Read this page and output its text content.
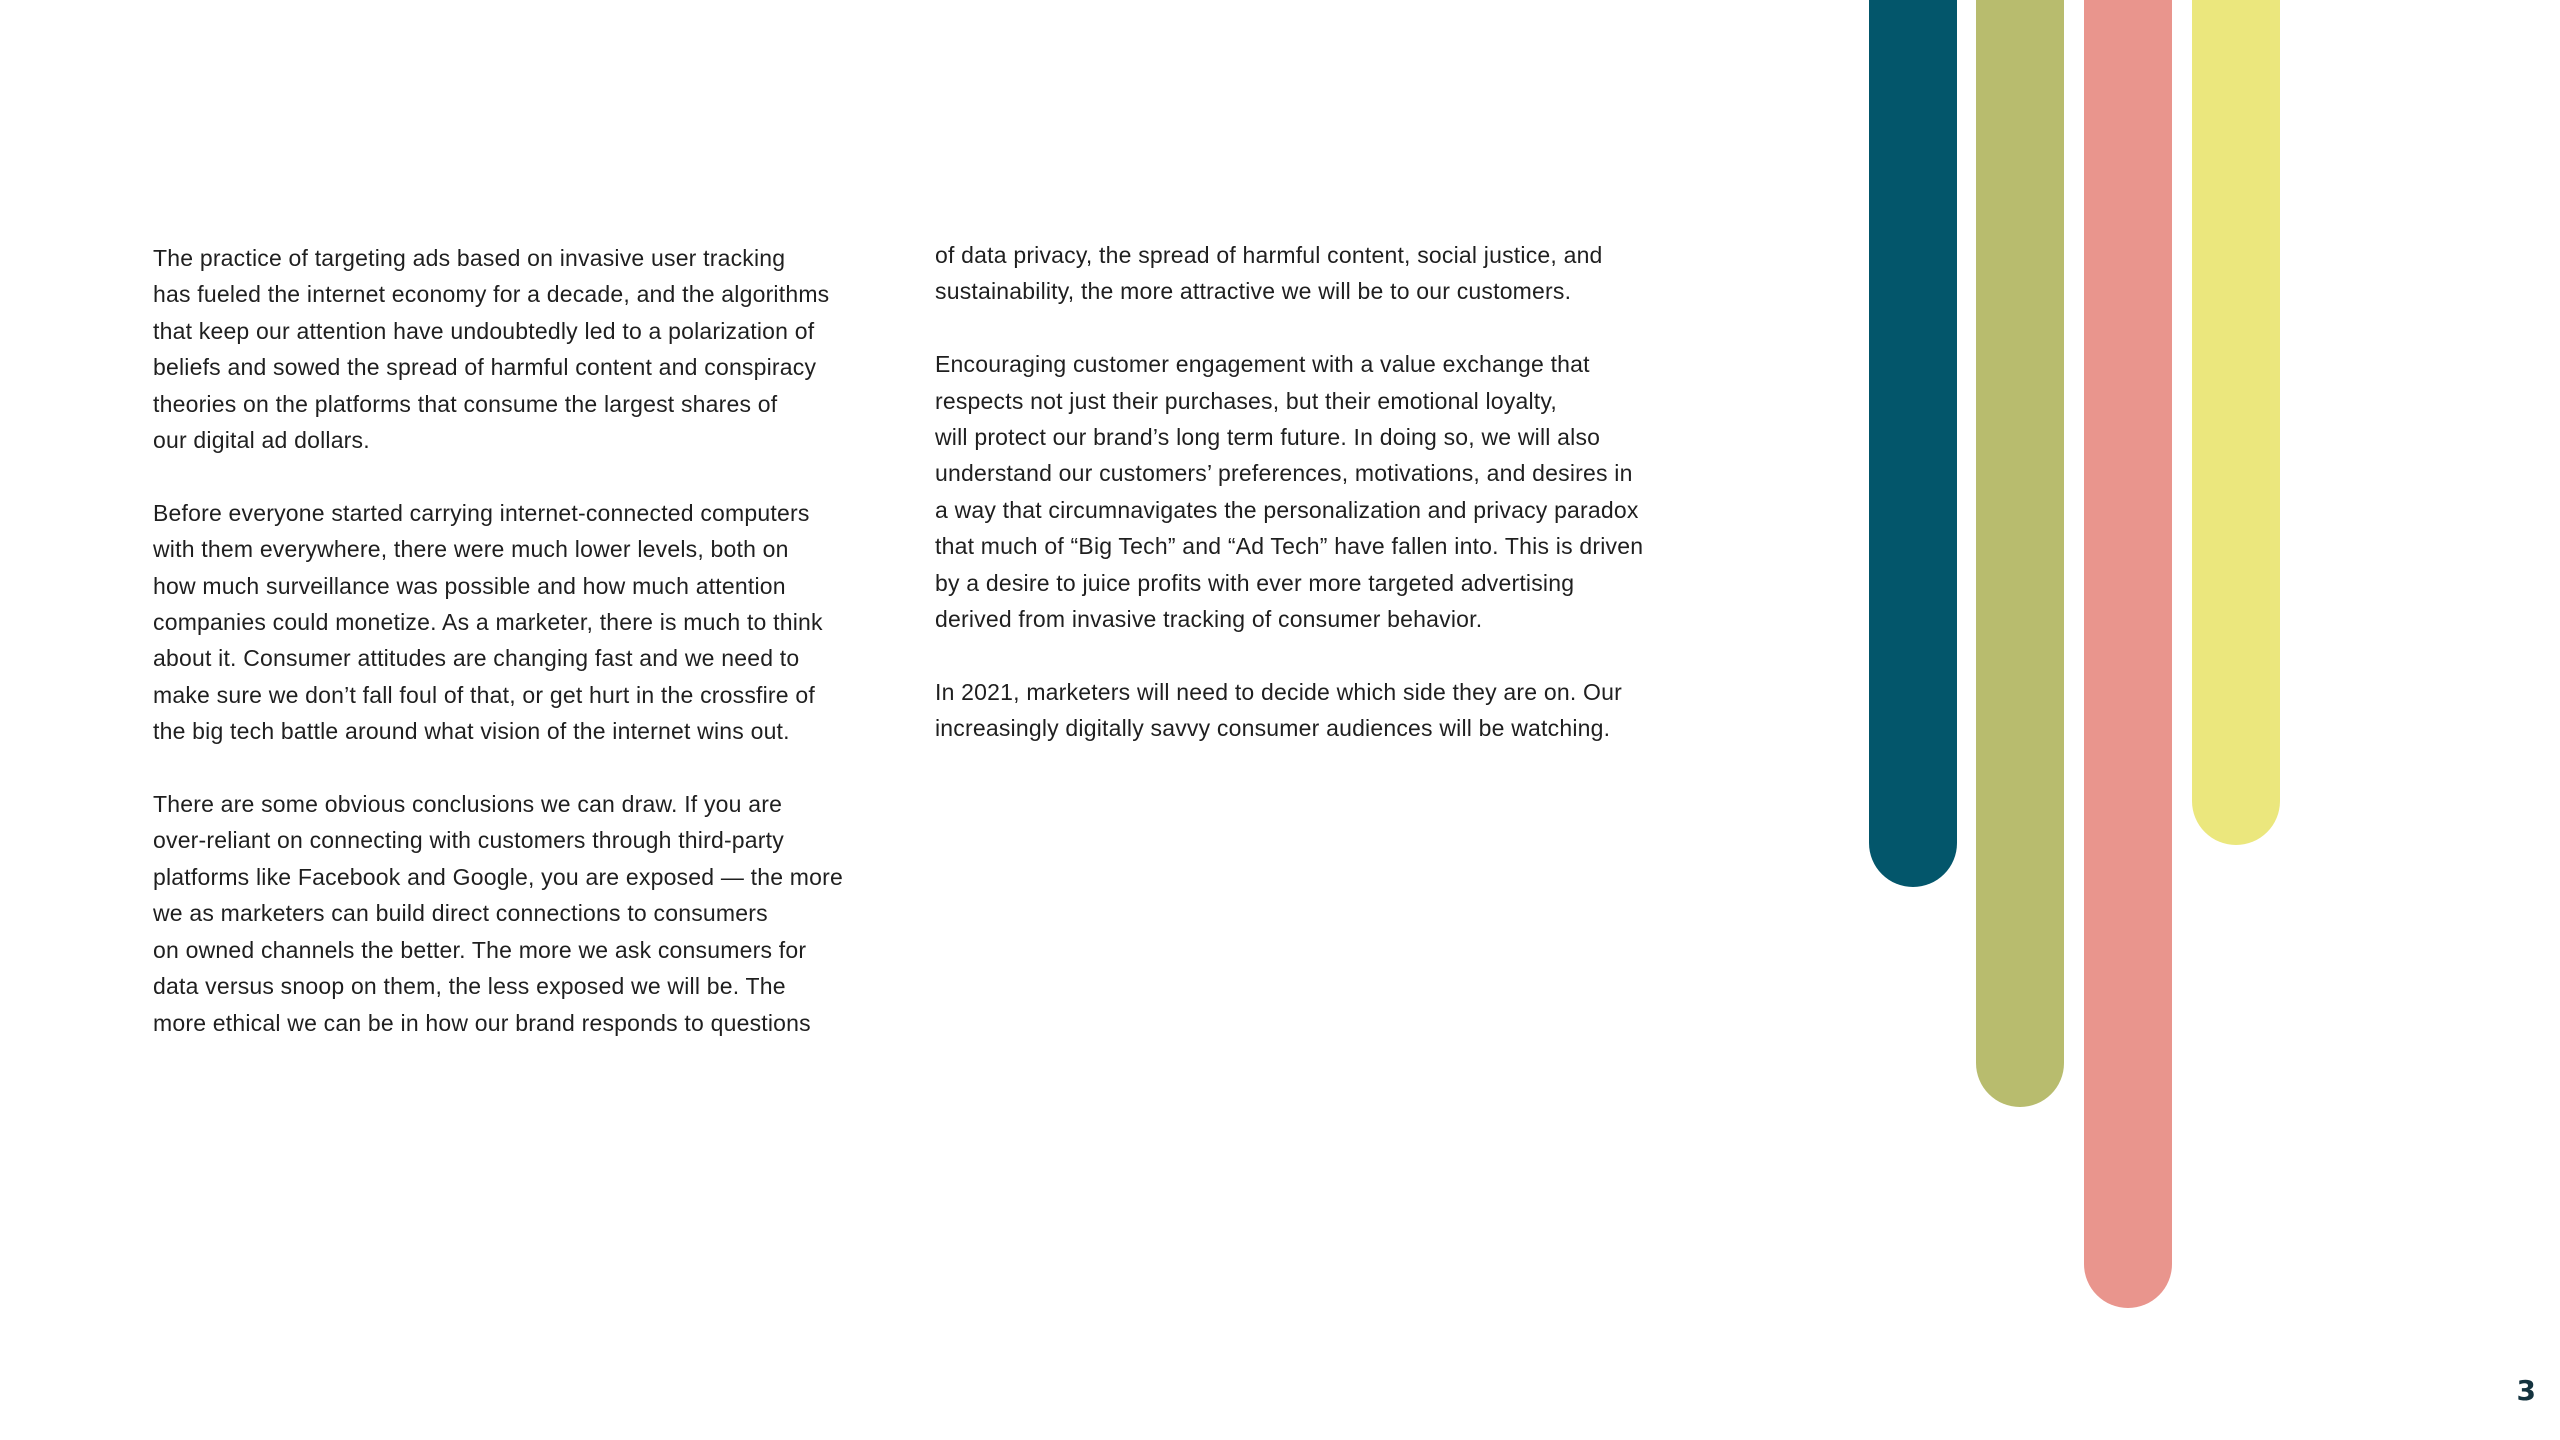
The practice of targeting ads based on invasive user tracking
has fueled the internet economy for a decade, and the algorithms
that keep our attention have undoubtedly led to a polarization of
beliefs and sowed the spread of harmful content and conspiracy
theories on the platforms that consume the largest shares of
our digital ad dollars.

Before everyone started carrying internet-connected computers
with them everywhere, there were much lower levels, both on
how much surveillance was possible and how much attention
companies could monetize. As a marketer, there is much to think
about it. Consumer attitudes are changing fast and we need to
make sure we don’t fall foul of that, or get hurt in the crossfire of
the big tech battle around what vision of the internet wins out.

There are some obvious conclusions we can draw. If you are
over-reliant on connecting with customers through third-party
platforms like Facebook and Google, you are exposed — the more
we as marketers can build direct connections to consumers
on owned channels the better. The more we ask consumers for
data versus snoop on them, the less exposed we will be. The
more ethical we can be in how our brand responds to questions

of data privacy, the spread of harmful content, social justice, and
sustainability, the more attractive we will be to our customers.

Encouraging customer engagement with a value exchange that
respects not just their purchases, but their emotional loyalty,
will protect our brand’s long term future. In doing so, we will also
understand our customers’ preferences, motivations, and desires in
a way that circumnavigates the personalization and privacy paradox
that much of “Big Tech” and “Ad Tech” have fallen into. This is driven
by a desire to juice profits with ever more targeted advertising
derived from invasive tracking of consumer behavior.

In 2021, marketers will need to decide which side they are on. Our
increasingly digitally savvy consumer audiences will be watching.

3
